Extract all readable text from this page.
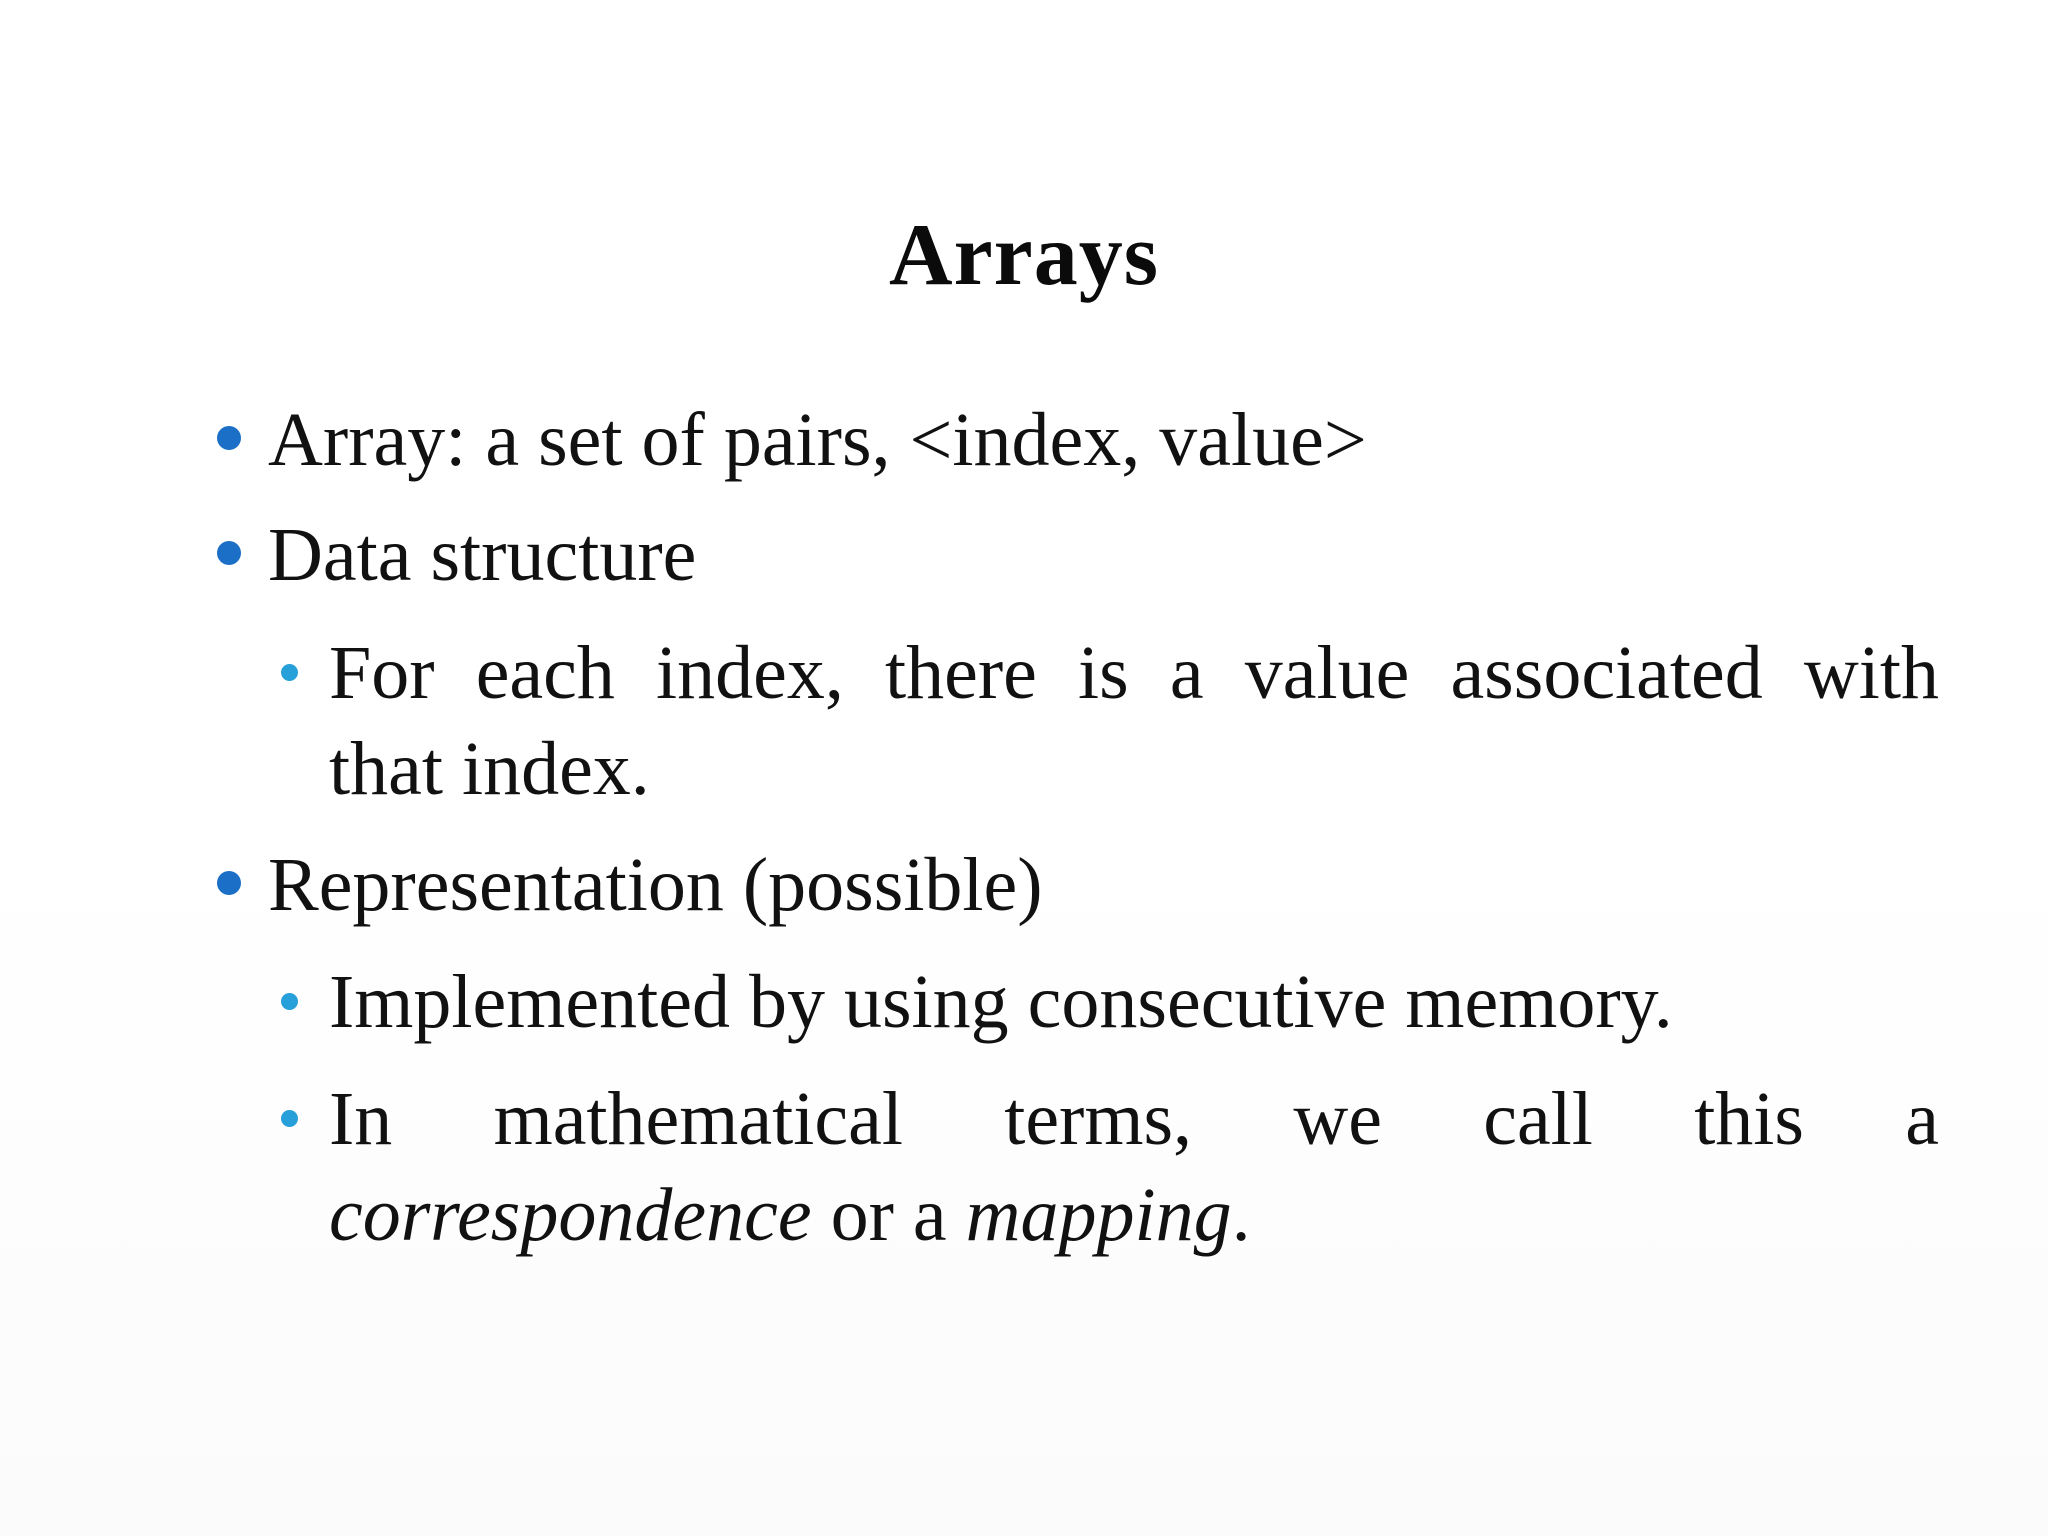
Arrays
Array: a set of pairs, <index, value>
Data structure
For each index, there is a value associated with
that index.
Representation (possible)
Implemented by using consecutive memory.
In mathematical terms, we call this a
correspondence or a mapping.
